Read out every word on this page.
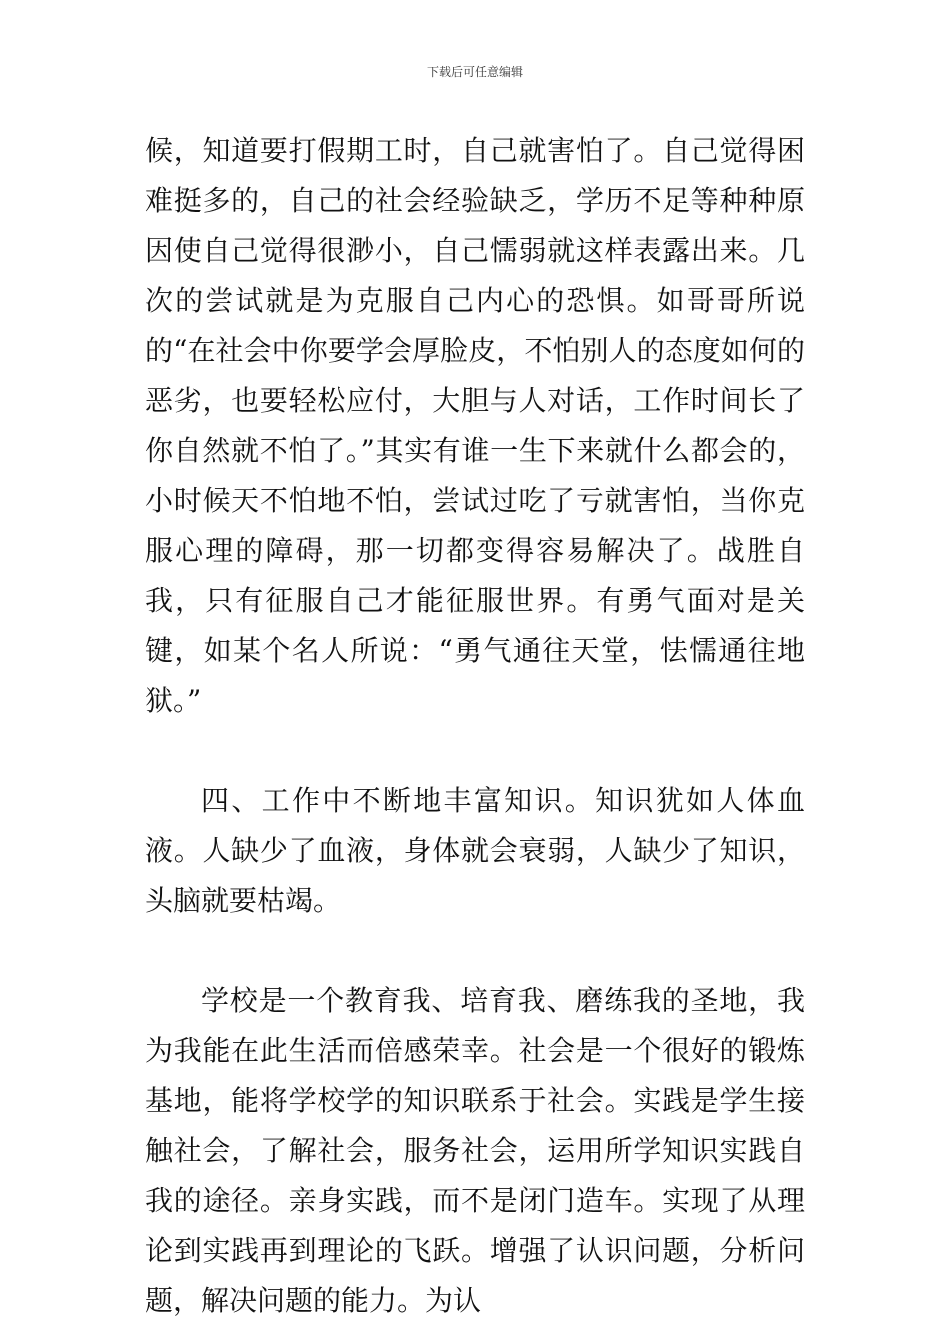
下载后可任意编辑

候，知道要打假期工时，自己就害怕了。自己觉得困难挺多的，自己的社会经验缺乏，学历不足等种种原因使自己觉得很渺小，自己懦弱就这样表露出来。几次的尝试就是为克服自己内心的恐惧。如哥哥所说的“在社会中你要学会厚脸皮，不怕别人的态度如何的恶劣，也要轻松应付，大胆与人对话，工作时间长了你自然就不怕了。”其实有谁一生下来就什么都会的，小时候天不怕地不怕，尝试过吃了亏就害怕，当你克服心理的障碍，那一切都变得容易解决了。战胜自我，只有征服自己才能征服世界。有勇气面对是关键，如某个名人所说：“勇气通往天堂，怯懦通往地狱。”

四、工作中不断地丰富知识。知识犹如人体血液。人缺少了血液，身体就会衰弱，人缺少了知识，头脑就要枯竭。

学校是一个教育我、培育我、磨练我的圣地，我为我能在此生活而倍感荣幸。社会是一个很好的锻炼基地，能将学校学的知识联系于社会。实践是学生接触社会，了解社会，服务社会，运用所学知识实践自我的途径。亲身实践，而不是闭门造车。实现了从理论到实践再到理论的飞跃。增强了认识问题，分析问题，解决问题的能力。为认
